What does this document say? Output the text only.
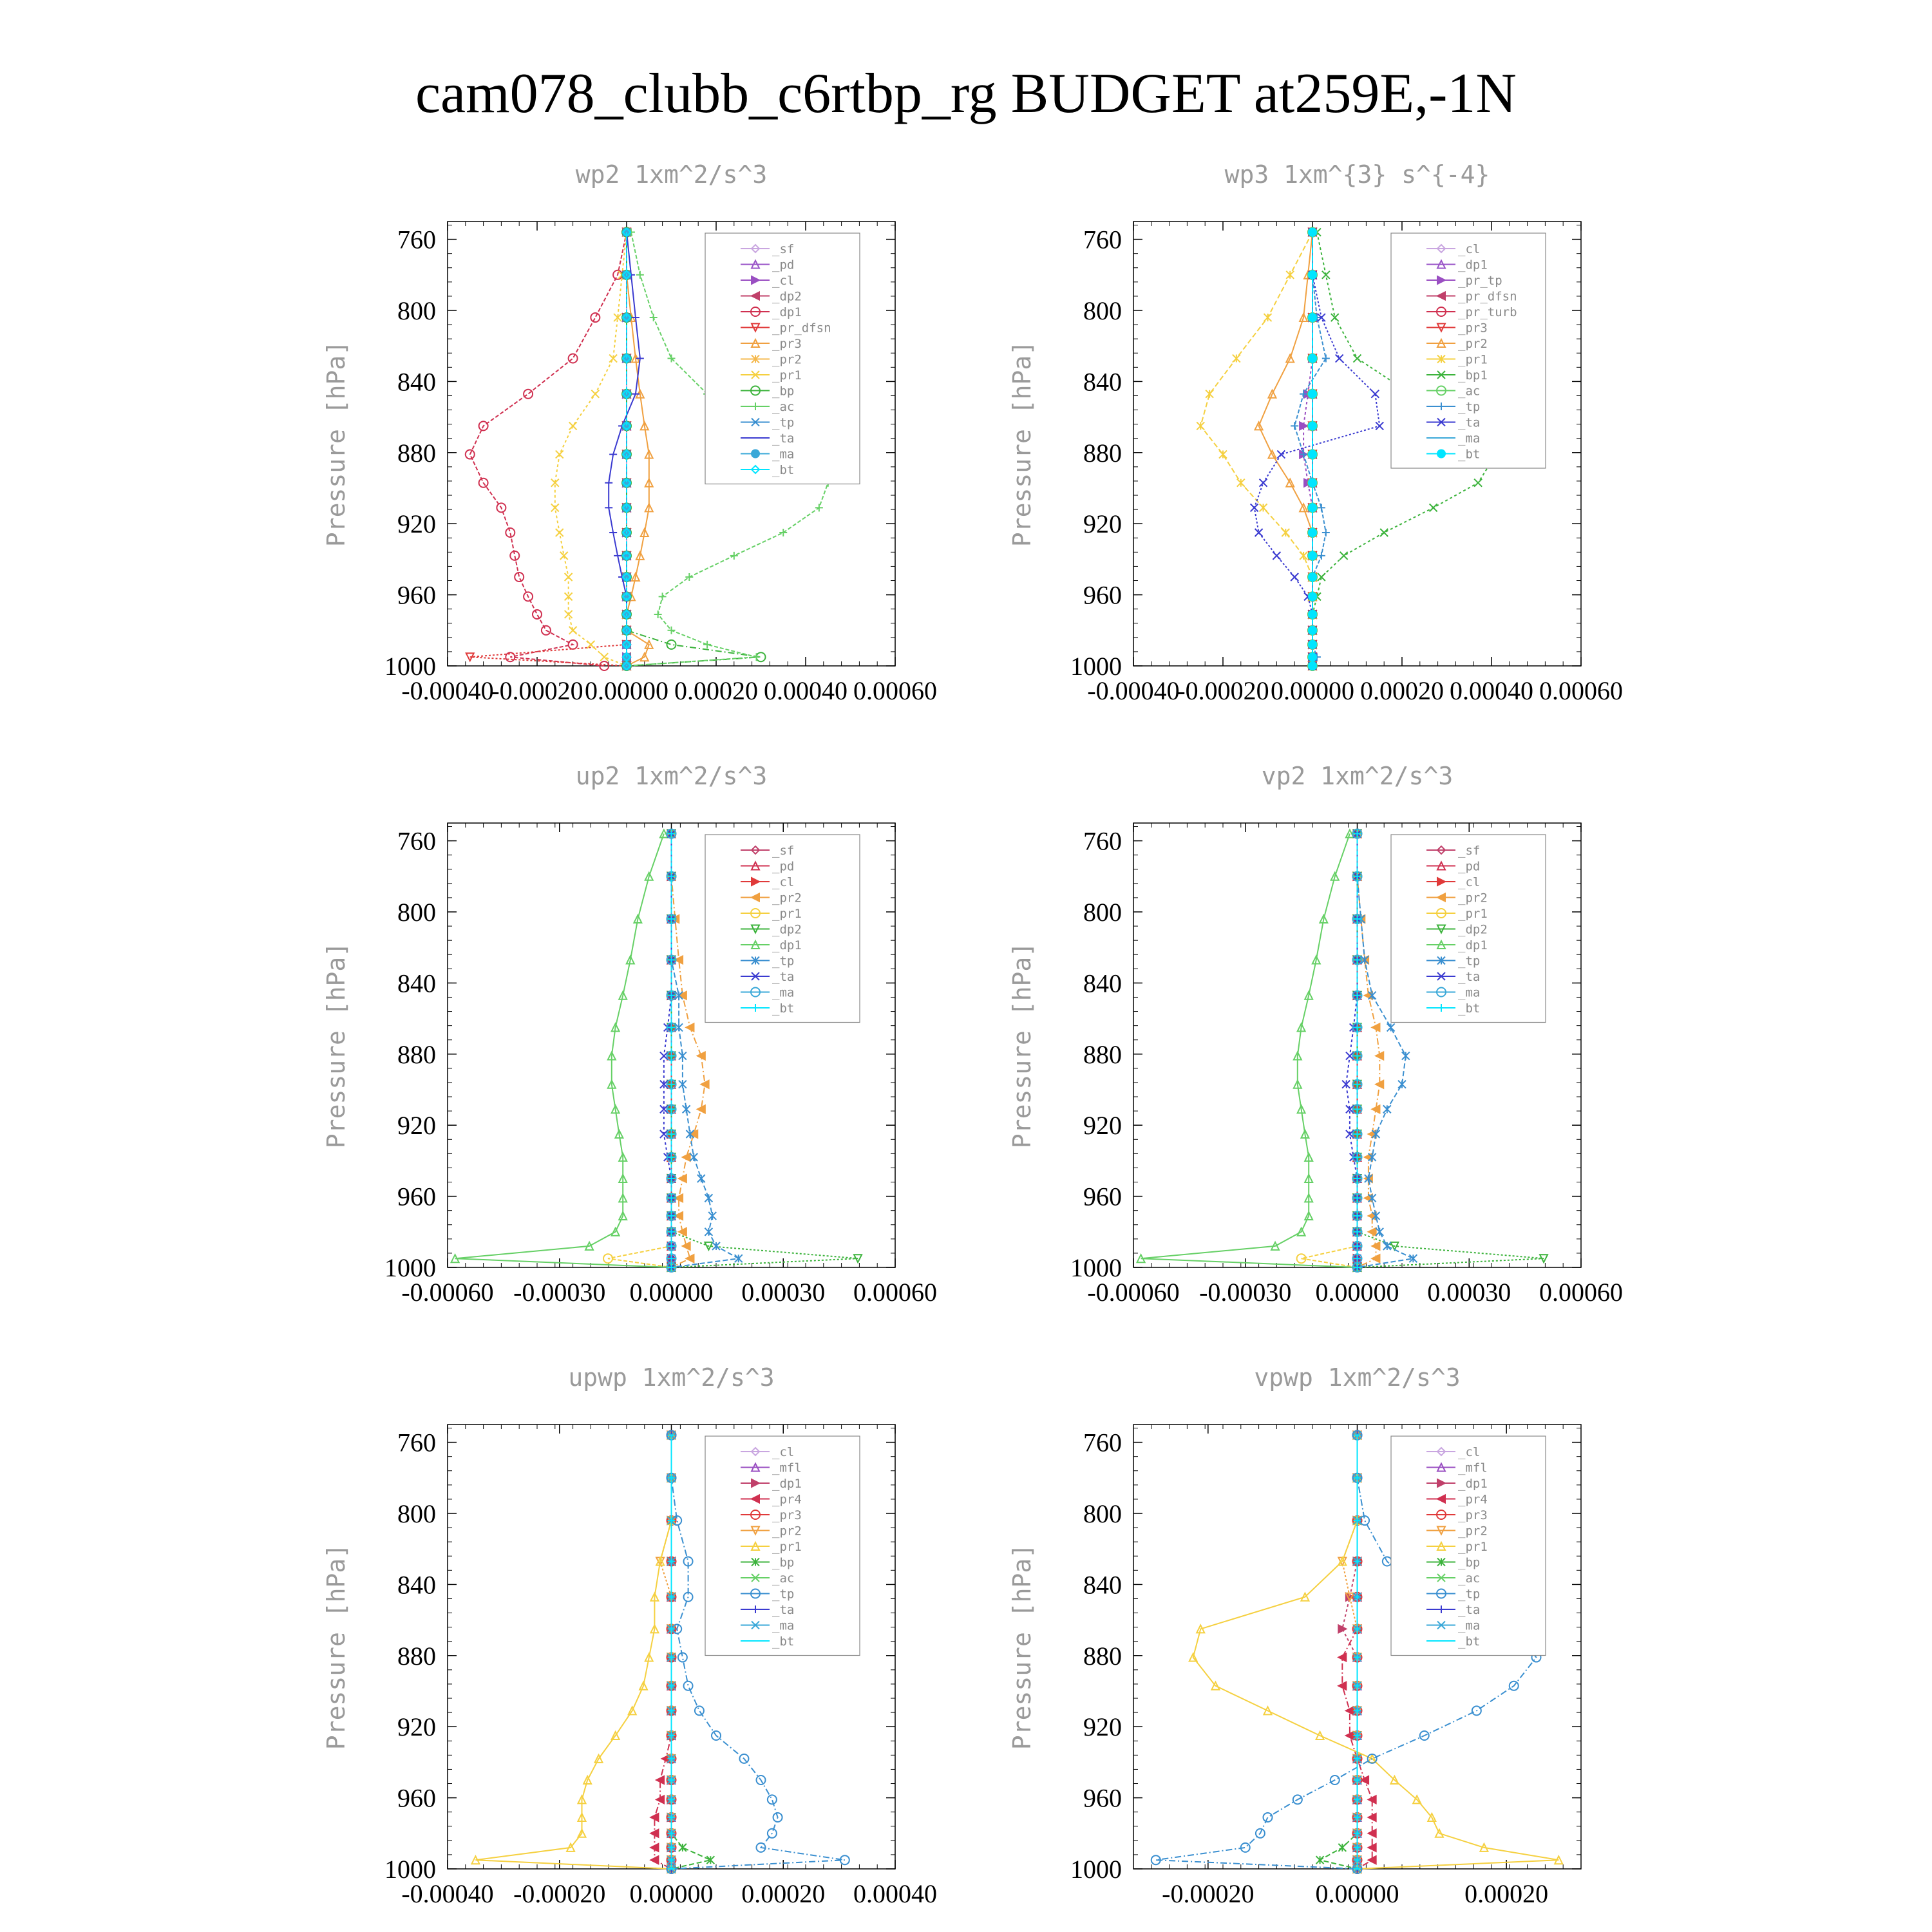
cam078_clubb_c6rtbp_rg BUDGET at259E,-1N
wp2 1xm^2/s^3
Pressure [hPa]
760
800
840
880
920
960
1000
-0.00040
-0.00020 0.00000 0.00020 0.00040 0.00060
_sf
_pd
_cl
_dp2
_dp1
_pr_dfsn
_pr3
_pr2
_pr1
_bp
_ac
_tp
_ta
_ma
_bt
wp3 1xm^{3} s^{-4}
Pressure [hPa]
760
800
840
880
920
960
1000
-0.00040
-0.00020 0.00000 0.00020 0.00040 0.00060
_cl
_dp1
_pr_tp
_pr_dfsn
_pr_turb
_pr3
_pr2
_pr1
_bp1
_ac
_tp
_ta
_ma
_bt
up2 1xm^2/s^3
Pressure [hPa]
760
800
840
880
920
960
1000
-0.00060 -0.00030 0.00000 0.00030 0.00060
_sf
_pd
_cl
_pr2
_pr1
_dp2
_dp1
_tp
_ta
_ma
_bt
vp2 1xm^2/s^3
Pressure [hPa]
760
800
840
880
920
960
1000
-0.00060 -0.00030 0.00000 0.00030 0.00060
_sf
_pd
_cl
_pr2
_pr1
_dp2
_dp1
_tp
_ta
_ma
_bt
upwp 1xm^2/s^3
Pressure [hPa]
760
800
840
880
920
960
1000
-0.00040 -0.00020 0.00000 0.00020 0.00040
_cl
_mfl
_dp1
_pr4
_pr3
_pr2
_pr1
_bp
_ac
_tp
_ta
_ma
_bt
vpwp 1xm^2/s^3
Pressure [hPa]
760
800
840
880
920
960
1000
-0.00020 0.00000	0.00020
_cl
_mfl
_dp1
_pr4
_pr3
_pr2
_pr1
_bp
_ac
_tp
_ta
_ma
_bt
